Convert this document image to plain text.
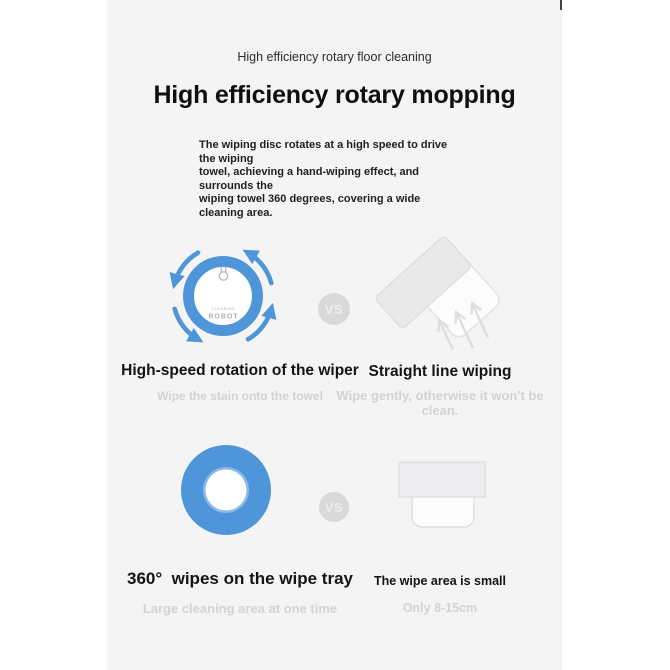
High efficiency rotary floor cleaning
High efficiency rotary mopping
The wiping disc rotates at a high speed to drive the wiping
towel, achieving a hand-wiping effect, and surrounds the
wiping towel 360 degrees, covering a wide cleaning area.
CLEANING
ROBOT
VS
High-speed rotation of the wiper Straight line wiping
Wipe the stain onto the towel	Wipe gently, otherwise it won't be clean.
VS
360°  wipes on the wipe tray	The wipe area is small
Large cleaning area at one time	Only 8-15cm
